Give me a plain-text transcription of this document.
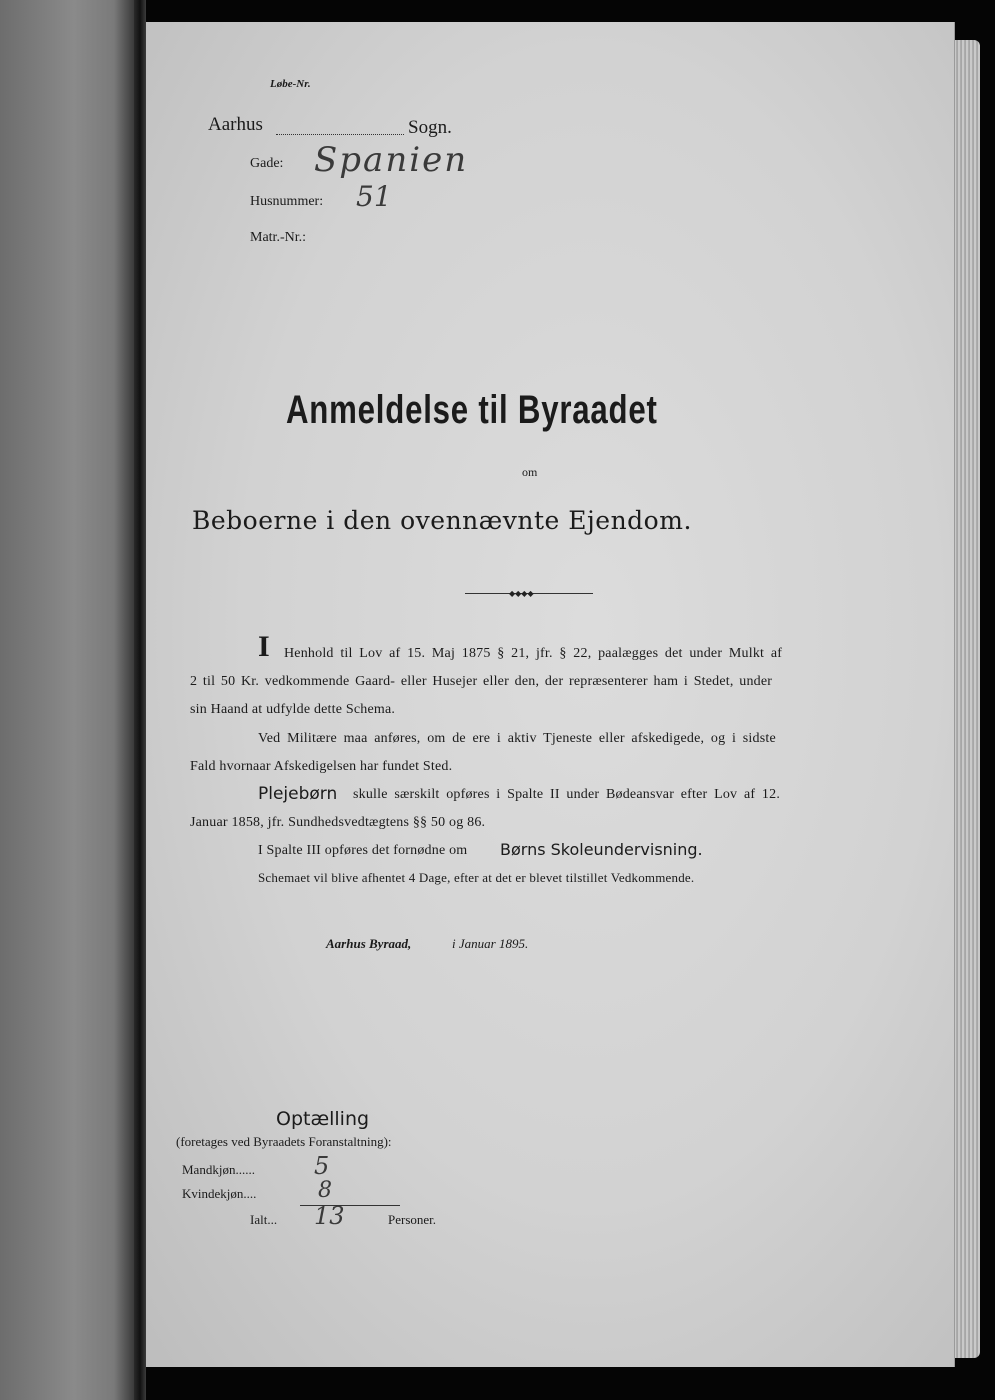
Løbe-Nr.
Aarhus	Sogn.
Gade: Spanien
Husnummer: 51
Matr.-Nr.:
Anmeldelse til Byraadet
om
Beboerne i den ovennævnte Ejendom.
◆◆◆◆
I Henhold til Lov af 15. Maj 1875 § 21, jfr. § 22, paalægges det under Mulkt af
2 til 50 Kr. vedkommende Gaard- eller Husejer eller den, der repræsenterer ham i Stedet, under
sin Haand at udfylde dette Schema.
Ved Militære maa anføres, om de ere i aktiv Tjeneste eller afskedigede, og i sidste
Fald hvornaar Afskedigelsen har fundet Sted.
Plejebørn skulle særskilt opføres i Spalte II under Bødeansvar efter Lov af 12.
Januar 1858, jfr. Sundhedsvedtægtens §§ 50 og 86.
I Spalte III opføres det fornødne om Børns Skoleundervisning.
Schemaet vil blive afhentet 4 Dage, efter at det er blevet tilstillet Vedkommende.
Aarhus Byraad,	i Januar 1895.
Optælling
(foretages ved Byraadets Foranstaltning):
Mandkjøn...... 5
Kvindekjøn....	8
Ialt... 13	Personer.
